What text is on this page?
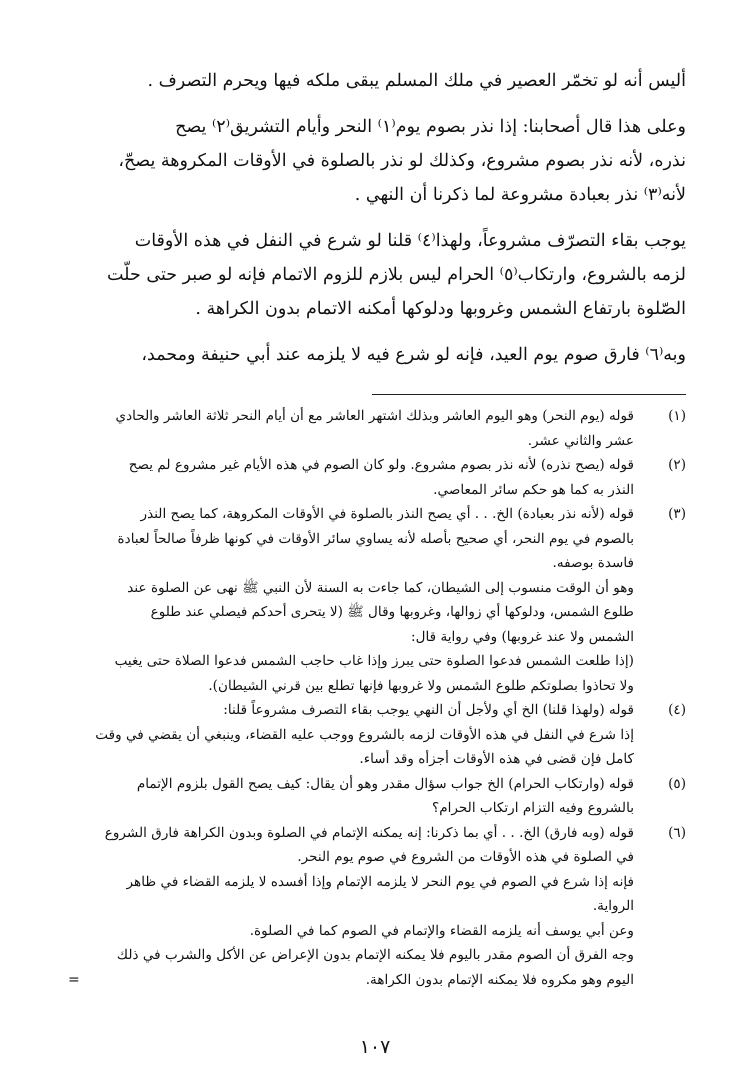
أليس أنه لو تخمّر العصير في ملك المسلم يبقى ملكه فيها ويحرم التصرف .

وعلى هذا قال أصحابنا: إذا نذر بصوم يوم⁽١⁾ النحر وأيام التشريق⁽٢⁾ يصح
نذره، لأنه نذر بصوم مشروع، وكذلك لو نذر بالصلوة في الأوقات المكروهة يصحّ،
لأنه⁽٣⁾ نذر بعبادة مشروعة لما ذكرنا أن النهي .

يوجب بقاء التصرّف مشروعاً، ولهذا⁽٤⁾ قلنا لو شرع في النفل في هذه الأوقات
لزمه بالشروع، وارتكاب⁽٥⁾ الحرام ليس بلازم للزوم الاتمام فإنه لو صبر حتى حلّت
الصّلوة بارتفاع الشمس وغروبها ودلوكها أمكنه الاتمام بدون الكراهة .

وبه⁽٦⁾ فارق صوم يوم العيد، فإنه لو شرع فيه لا يلزمه عند أبي حنيفة ومحمد،

(١)
قوله (يوم النحر) وهو اليوم العاشر وبذلك اشتهر العاشر مع أن أيام النحر ثلاثة العاشر والحادي
عشر والثاني عشر.
(٢)
قوله (يصح نذره) لأنه نذر بصوم مشروع. ولو كان الصوم في هذه الأيام غير مشروع لم يصح
النذر به كما هو حكم سائر المعاصي.
(٣)
قوله (لأنه نذر بعبادة) الخ. . . أي يصح النذر بالصلوة في الأوقات المكروهة، كما يصح النذر
بالصوم في يوم النحر، أي صحيح بأصله لأنه يساوي سائر الأوقات في كونها ظرفاً صالحاً لعبادة
فاسدة بوصفه.
وهو أن الوقت منسوب إلى الشيطان، كما جاءت به السنة لأن النبي ﷺ نهى عن الصلوة عند
طلوع الشمس، ودلوكها أي زوالها، وغروبها وقال ﷺ (لا يتحرى أحدكم فيصلي عند طلوع
الشمس ولا عند غروبها) وفي رواية قال:
(إذا طلعت الشمس فدعوا الصلوة حتى يبرز وإذا غاب حاجب الشمس فدعوا الصلاة حتى يغيب
ولا تحاذوا بصلوتكم طلوع الشمس ولا غروبها فإنها تطلع بين قرني الشيطان).
(٤)
قوله (ولهذا قلنا) الخ أي ولأجل أن النهي يوجب بقاء التصرف مشروعاً قلنا:
إذا شرع في النفل في هذه الأوقات لزمه بالشروع ووجب عليه القضاء، وينبغي أن يقضي في وقت
كامل فإن قضى في هذه الأوقات أجزأه وقد أساء.
(٥)
قوله (وارتكاب الحرام) الخ جواب سؤال مقدر وهو أن يقال: كيف يصح القول بلزوم الإتمام
بالشروع وفيه التزام ارتكاب الحرام؟
(٦)
قوله (وبه فارق) الخ. . . أي بما ذكرنا: إنه يمكنه الإتمام في الصلوة وبدون الكراهة فارق الشروع
في الصلوة في هذه الأوقات من الشروع في صوم يوم النحر.
فإنه إذا شرع في الصوم في يوم النحر لا يلزمه الإتمام وإذا أفسده لا يلزمه القضاء في ظاهر
الرواية.
وعن أبي يوسف أنه يلزمه القضاء والإتمام في الصوم كما في الصلوة.
وجه الفرق أن الصوم مقدر باليوم فلا يمكنه الإتمام بدون الإعراض عن الأكل والشرب في ذلك
اليوم وهو مكروه فلا يمكنه الإتمام بدون الكراهة.
=
١٠٧
